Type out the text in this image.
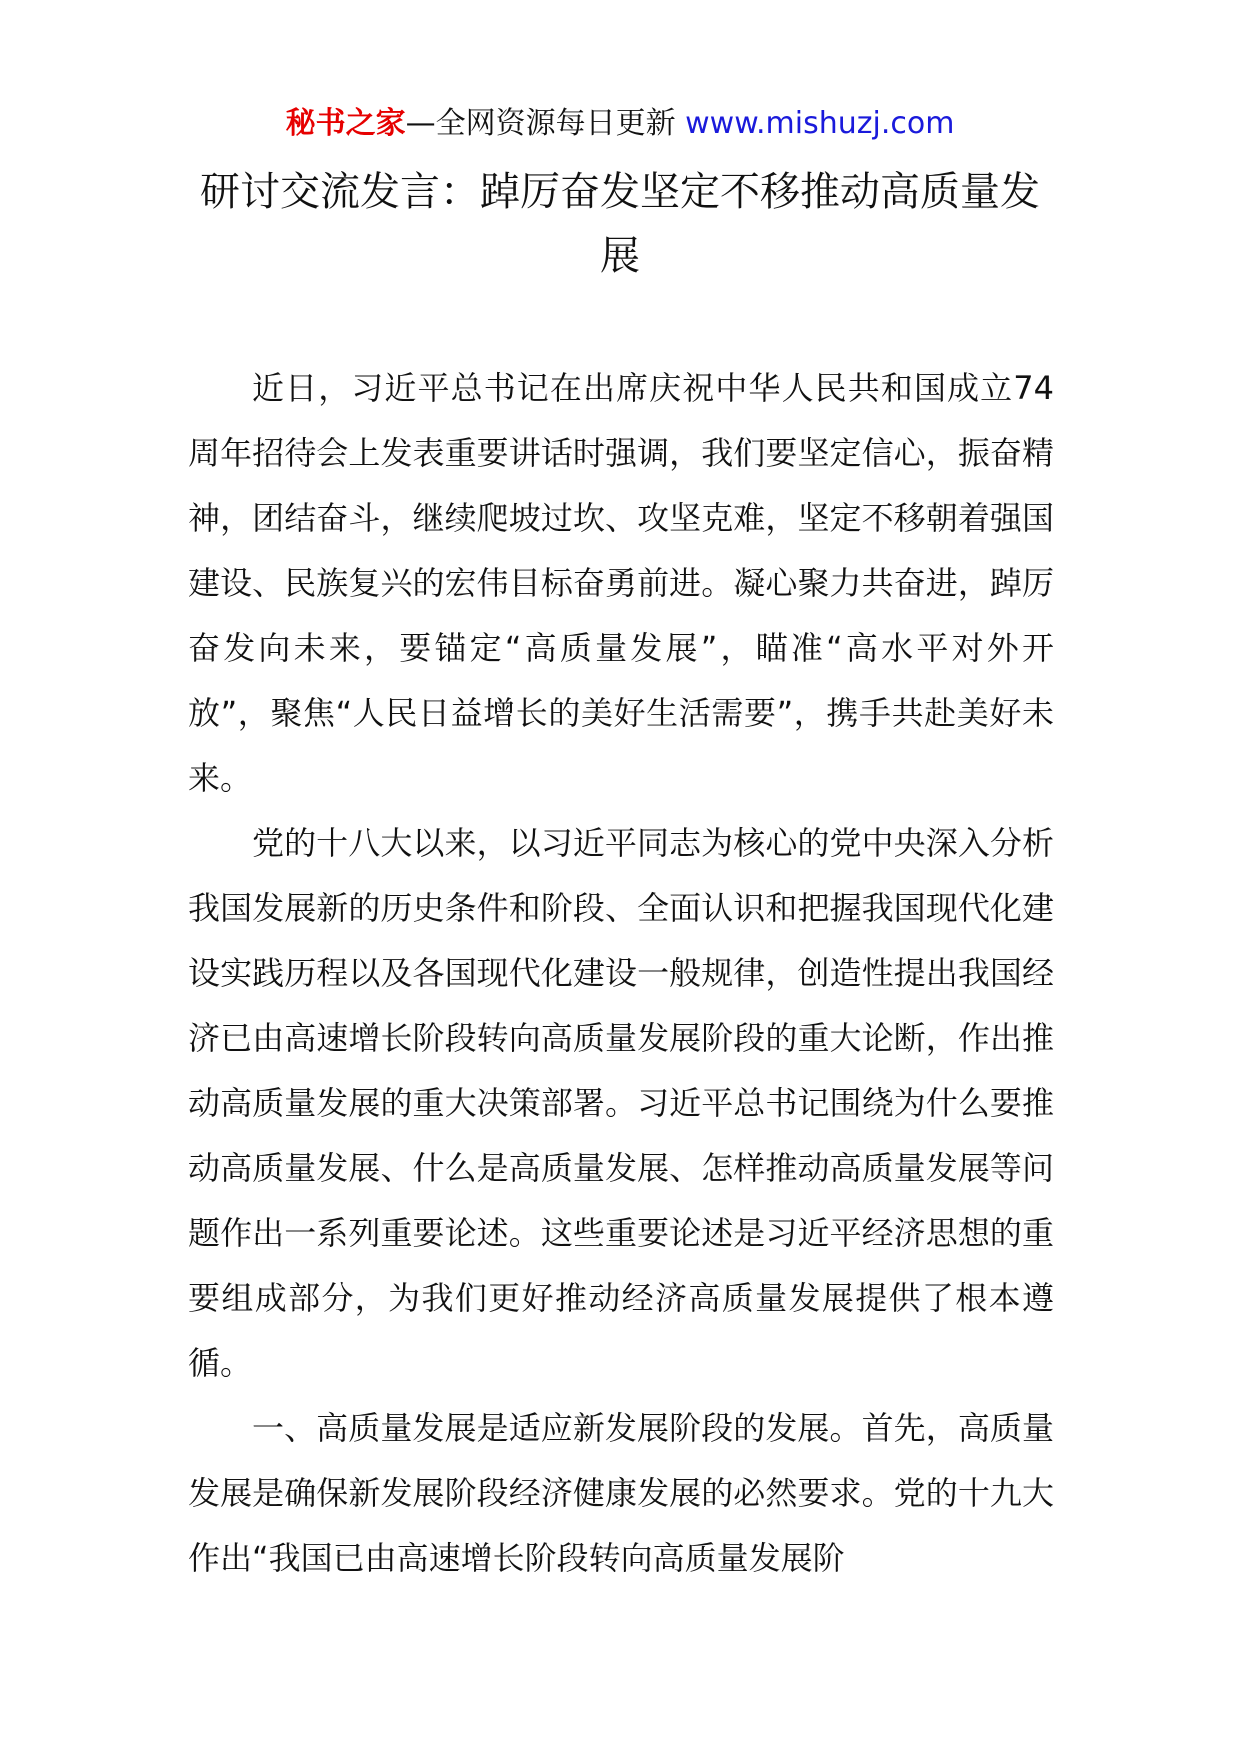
秘书之家—全网资源每日更新 www.mishuzj.com
研讨交流发言：踔厉奋发坚定不移推动高质量发展

近日，习近平总书记在出席庆祝中华人民共和国成立74周年招待会上发表重要讲话时强调，我们要坚定信心，振奋精神，团结奋斗，继续爬坡过坎、攻坚克难，坚定不移朝着强国建设、民族复兴的宏伟目标奋勇前进。凝心聚力共奋进，踔厉奋发向未来，要锚定“高质量发展”，瞄准“高水平对外开放”，聚焦“人民日益增长的美好生活需要”，携手共赴美好未来。

党的十八大以来，以习近平同志为核心的党中央深入分析我国发展新的历史条件和阶段、全面认识和把握我国现代化建设实践历程以及各国现代化建设一般规律，创造性提出我国经济已由高速增长阶段转向高质量发展阶段的重大论断，作出推动高质量发展的重大决策部署。习近平总书记围绕为什么要推动高质量发展、什么是高质量发展、怎样推动高质量发展等问题作出一系列重要论述。这些重要论述是习近平经济思想的重要组成部分，为我们更好推动经济高质量发展提供了根本遵循。

一、高质量发展是适应新发展阶段的发展。首先，高质量发展是确保新发展阶段经济健康发展的必然要求。党的十九大作出“我国已由高速增长阶段转向高质量发展阶
